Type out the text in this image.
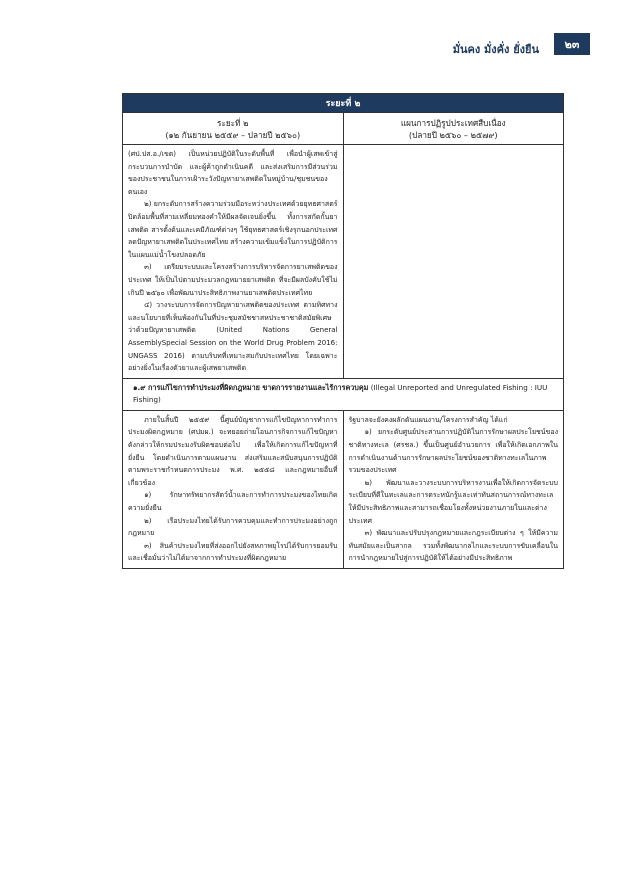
มั่นคง มั่งคั่ง ยั่งยืน	๒๓
ระยะที่ ๒
ระยะที่ ๒
(๑๒ กันยายน ๒๕๕๙ – ปลายปี ๒๕๖๐)
แผนการปฏิรูปประเทศสืบเนื่อง
(ปลายปี ๒๕๖๐ – ๒๕๗๙)

(ศป.ปส.อ./เขต) เป็นหน่วยปฏิบัติในระดับพื้นที่ เพื่อนำผู้เสพเข้าสู่กระบวนการบำบัด และผู้ค้าถูกดำเนินคดี และส่งเสริมการมีส่วนร่วมของประชาชนในการเฝ้าระวังปัญหายาเสพติดในหมู่บ้าน/ชุมชนของตนเอง

๒) ยกระดับการสร้างความร่วมมือระหว่างประเทศด้วยยุทธศาสตร์ปิดล้อมพื้นที่สามเหลี่ยมทองคำให้มีผลจัดเจนยิ่งขึ้น ทั้งการสกัดกั้นยาเสพติด สารตั้งต้นและเคมีภัณฑ์ต่างๆ ใช้ยุทธศาสตร์เชิงรุกนอกประเทศลดปัญหายาเสพติดในประเทศไทย สร้างความเข้มแข็งในการปฏิบัติการในแผนแม่น้ำโขงปลอดภัย

๓) เตรียมระบบและโครงสร้างการบริหารจัดการยาเสพติดของประเทศ ให้เป็นไปตามประมวลกฎหมายยาเสพติด ที่จะมีผลบังคับใช้ไม่เกินปี ๒๕๖๐ เพื่อพัฒนาประสิทธิภาพงานยาเสพติดประเทศไทย

๔) วางระบบการจัดการปัญหายาเสพติดของประเทศ ตามทิศทางและนโยบายที่เห็นพ้องกันในที่ประชุมสมัชชาสหประชาชาติสมัยพิเศษว่าด้วยปัญหายาเสพติด (United Nations General AssemblySpecial Session on the World Drug Problem 2016: UNGASS 2016) ตามบริบทที่เหมาะสมกับประเทศไทย โดยเฉพาะอย่างยิ่งในเรื่องตัวยาและผู้เสพยาเสพติด

๑.๙ การแก้ไขการทำประมงที่ผิดกฎหมาย ขาดการรายงานและไร้การควบคุม (Illegal Unreported and Unregulated Fishing : IUU Fishing)

ภายในสิ้นปี ๒๕๕๙ นี้ศูนย์บัญชาการแก้ไขปัญหาการทำการประมงผิดกฎหมาย (ศปมผ.) จะทยอยถ่ายโอนภารกิจการแก้ไขปัญหาดังกล่าวให้กรมประมงรับผิดชอบต่อไป เพื่อให้เกิดการแก้ไขปัญหาที่ยั่งยืน โดยดำเนินการตามแผนงาน ส่งเสริมและสนับสนุนการปฏิบัติตามพระราชกำหนดการประมง พ.ศ. ๒๕๕๘ และกฎหมายอื่นที่เกี่ยวข้อง

๑) รักษาทรัพยากรสัตว์น้ำและการทำการประมงของไทยเกิดความยั่งยืน

๒) เรือประมงไทยได้รับการควบคุมและทำการประมงอย่างถูกกฎหมาย

๓) สินค้าประมงไทยที่ส่งออกไปยังสหภาพยุโรปได้รับการยอมรับและเชื่อมั่นว่าไม่ได้มาจากการทำประมงที่ผิดกฎหมาย

รัฐบาลจะยังคงผลักดันแผนงาน/โครงการสำคัญ ได้แก่

๑) ยกระดับศูนย์ประสานการปฏิบัติในการรักษาผลประโยชน์ของชาติทางทะเล (ศรชล.) ขึ้นเป็นศูนย์อำนวยการ เพื่อให้เกิดเอกภาพในการดำเนินงานด้านการรักษาผลประโยชน์ของชาติทางทะเลในภาพรวมของประเทศ

๒) พัฒนาและวางระบบการบริหารงานเพื่อให้เกิดการจัดระบบระเบียบที่ดีในทะเลและการตระหนักรู้และเท่าทันสถานการณ์ทางทะเลให้มีประสิทธิภาพและสามารถเชื่อมโยงทั้งหน่วยงานภายในและต่างประเทศ

๓) พัฒนาและปรับปรุงกฎหมายและกฎระเบียบต่าง ๆ ให้มีความทันสมัยและเป็นสากล รวมทั้งพัฒนากลไกและระบบการขับเคลื่อนในการนำกฎหมายไปสู่การปฏิบัติให้ได้อย่างมีประสิทธิภาพ
